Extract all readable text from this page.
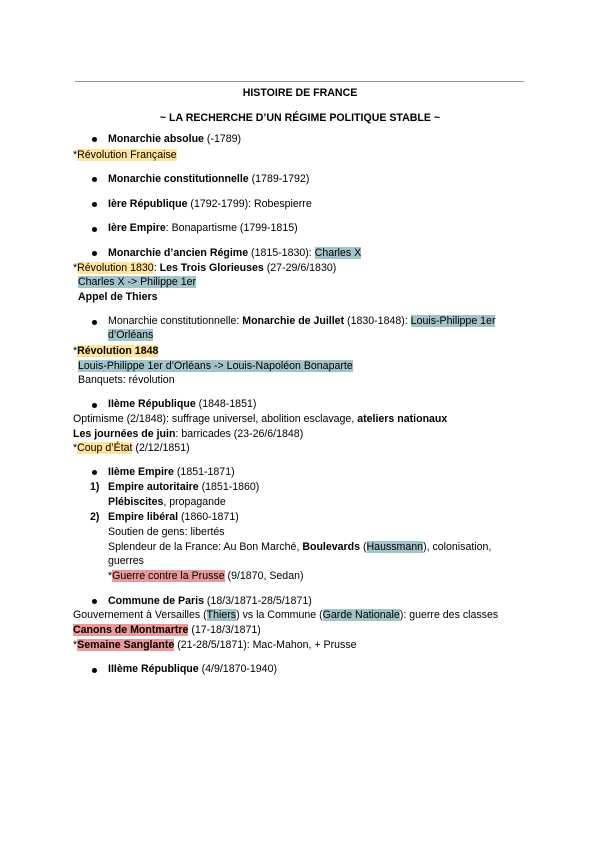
HISTOIRE DE FRANCE
~ LA RECHERCHE D’UN RÉGIME POLITIQUE STABLE ~
Monarchie absolue (-1789)
*Révolution Française
Monarchie constitutionnelle (1789-1792)
Ière République (1792-1799): Robespierre
Ière Empire: Bonapartisme (1799-1815)
Monarchie d’ancien Régime (1815-1830): Charles X
*Révolution 1830: Les Trois Glorieuses (27-29/6/1830)
Charles X -> Philippe 1er
Appel de Thiers
Monarchie constitutionnelle: Monarchie de Juillet (1830-1848): Louis-Philippe 1er
d’Orléans
*Révolution 1848
Louis-Philippe 1er d’Orléans -> Louis-Napoléon Bonaparte
Banquets: révolution
IIème République (1848-1851)
Optimisme (2/1848): suffrage universel, abolition esclavage, ateliers nationaux
Les journées de juin: barricades (23-26/6/1848)
*Coup d’État (2/12/1851)
IIème Empire (1851-1871)
1) Empire autoritaire (1851-1860)
Plébiscites, propagande
2) Empire libéral (1860-1871)
Soutien de gens: libertés
Splendeur de la France: Au Bon Marché, Boulevards (Haussmann), colonisation,
guerres
*Guerre contre la Prusse (9/1870, Sedan)
Commune de Paris (18/3/1871-28/5/1871)
Gouvernement à Versailles (Thiers) vs la Commune (Garde Nationale): guerre des classes
Canons de Montmartre (17-18/3/1871)
*Semaine Sanglante (21-28/5/1871): Mac-Mahon, + Prusse
IIIème République (4/9/1870-1940)
